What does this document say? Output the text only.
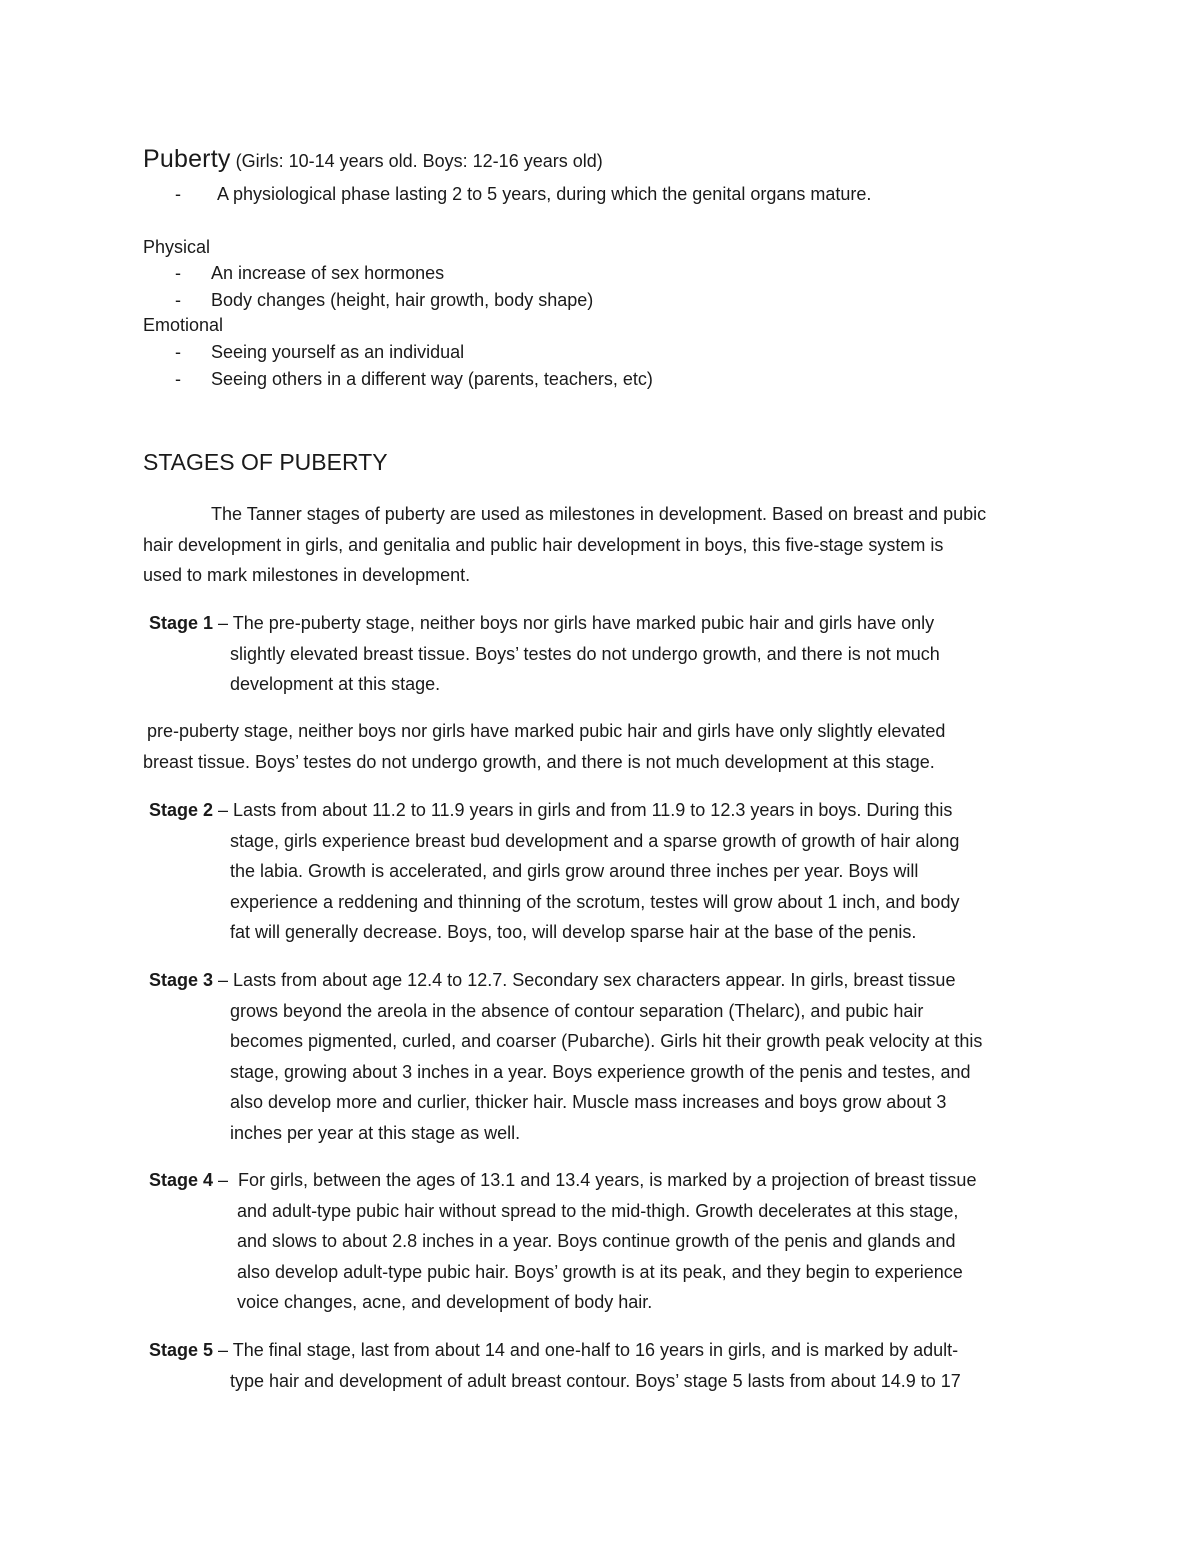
Puberty (Girls: 10-14 years old. Boys: 12-16 years old)
- A physiological phase lasting 2 to 5 years, during which the genital organs mature.
Physical
- An increase of sex hormones
- Body changes (height, hair growth, body shape)
Emotional
- Seeing yourself as an individual
- Seeing others in a different way (parents, teachers, etc)
STAGES OF PUBERTY
The Tanner stages of puberty are used as milestones in development. Based on breast and pubic
hair development in girls, and genitalia and public hair development in boys, this five-stage system is
used to mark milestones in development.
Stage 1 – The pre-puberty stage, neither boys nor girls have marked pubic hair and girls have only
slightly elevated breast tissue. Boys’ testes do not undergo growth, and there is not much
development at this stage.
pre-puberty stage, neither boys nor girls have marked pubic hair and girls have only slightly elevated
breast tissue. Boys’ testes do not undergo growth, and there is not much development at this stage.
Stage 2 – Lasts from about 11.2 to 11.9 years in girls and from 11.9 to 12.3 years in boys. During this
stage, girls experience breast bud development and a sparse growth of growth of hair along
the labia. Growth is accelerated, and girls grow around three inches per year. Boys will
experience a reddening and thinning of the scrotum, testes will grow about 1 inch, and body
fat will generally decrease. Boys, too, will develop sparse hair at the base of the penis.
Stage 3 – Lasts from about age 12.4 to 12.7. Secondary sex characters appear. In girls, breast tissue
grows beyond the areola in the absence of contour separation (Thelarc), and pubic hair
becomes pigmented, curled, and coarser (Pubarche). Girls hit their growth peak velocity at this
stage, growing about 3 inches in a year. Boys experience growth of the penis and testes, and
also develop more and curlier, thicker hair. Muscle mass increases and boys grow about 3
inches per year at this stage as well.
Stage 4 –  For girls, between the ages of 13.1 and 13.4 years, is marked by a projection of breast tissue
and adult-type pubic hair without spread to the mid-thigh. Growth decelerates at this stage,
and slows to about 2.8 inches in a year. Boys continue growth of the penis and glands and
also develop adult-type pubic hair. Boys’ growth is at its peak, and they begin to experience
voice changes, acne, and development of body hair.
Stage 5 – The final stage, last from about 14 and one-half to 16 years in girls, and is marked by adult-
type hair and development of adult breast contour. Boys’ stage 5 lasts from about 14.9 to 17
